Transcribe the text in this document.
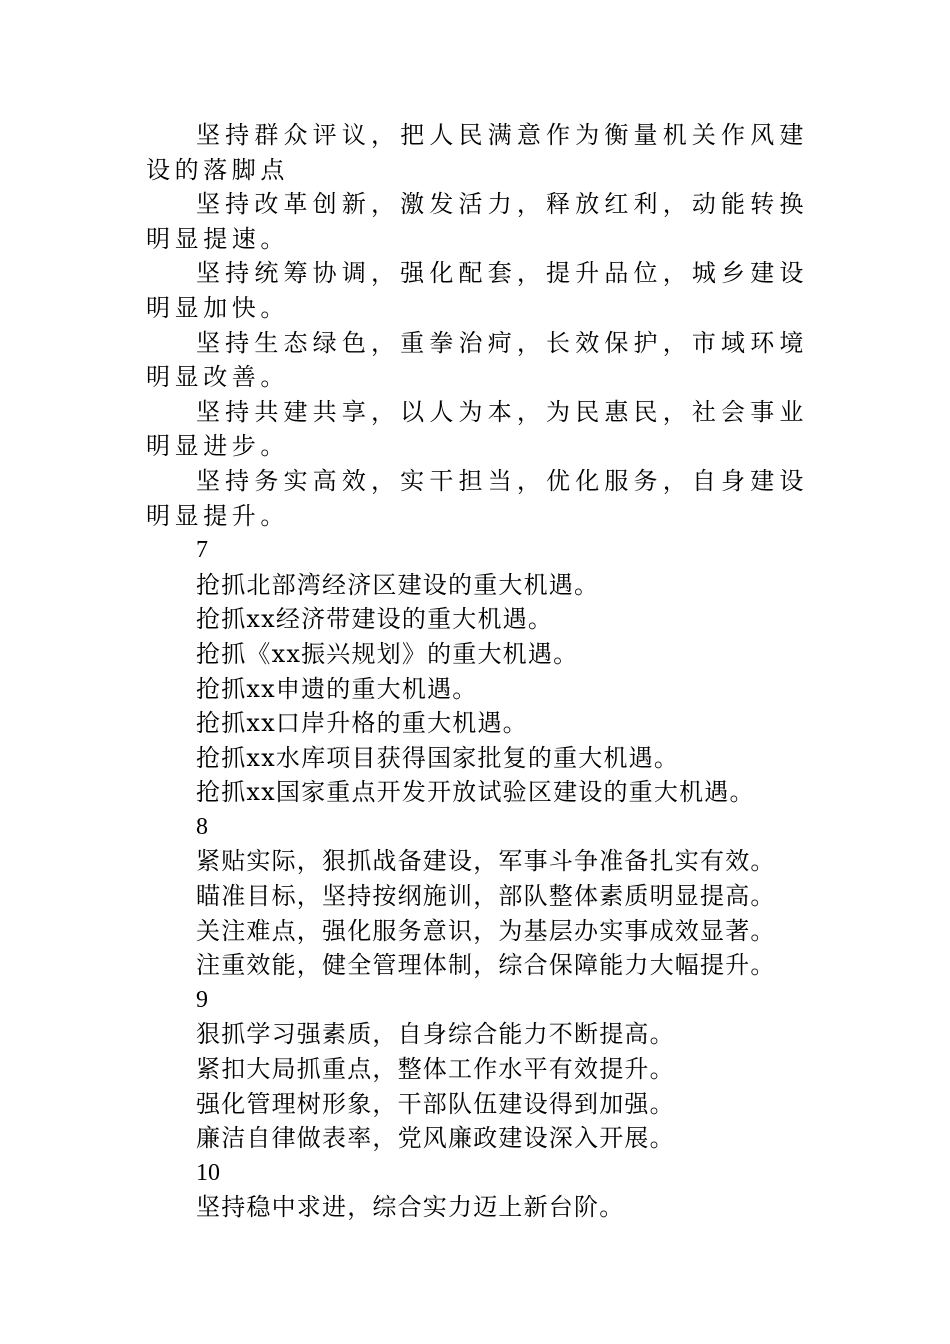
坚持群众评议，把人民满意作为衡量机关作风建设的落脚点

坚持改革创新，激发活力，释放红利，动能转换明显提速。

坚持统筹协调，强化配套，提升品位，城乡建设明显加快。

坚持生态绿色，重拳治疴，长效保护，市域环境明显改善。

坚持共建共享，以人为本，为民惠民，社会事业明显进步。

坚持务实高效，实干担当，优化服务，自身建设明显提升。

7

抢抓北部湾经济区建设的重大机遇。

抢抓xx经济带建设的重大机遇。

抢抓《xx振兴规划》的重大机遇。

抢抓xx申遗的重大机遇。

抢抓xx口岸升格的重大机遇。

抢抓xx水库项目获得国家批复的重大机遇。

抢抓xx国家重点开发开放试验区建设的重大机遇。

8

紧贴实际，狠抓战备建设，军事斗争准备扎实有效。

瞄准目标，坚持按纲施训，部队整体素质明显提高。

关注难点，强化服务意识，为基层办实事成效显著。

注重效能，健全管理体制，综合保障能力大幅提升。

9

狠抓学习强素质，自身综合能力不断提高。

紧扣大局抓重点，整体工作水平有效提升。

强化管理树形象，干部队伍建设得到加强。

廉洁自律做表率，党风廉政建设深入开展。

10

坚持稳中求进，综合实力迈上新台阶。
